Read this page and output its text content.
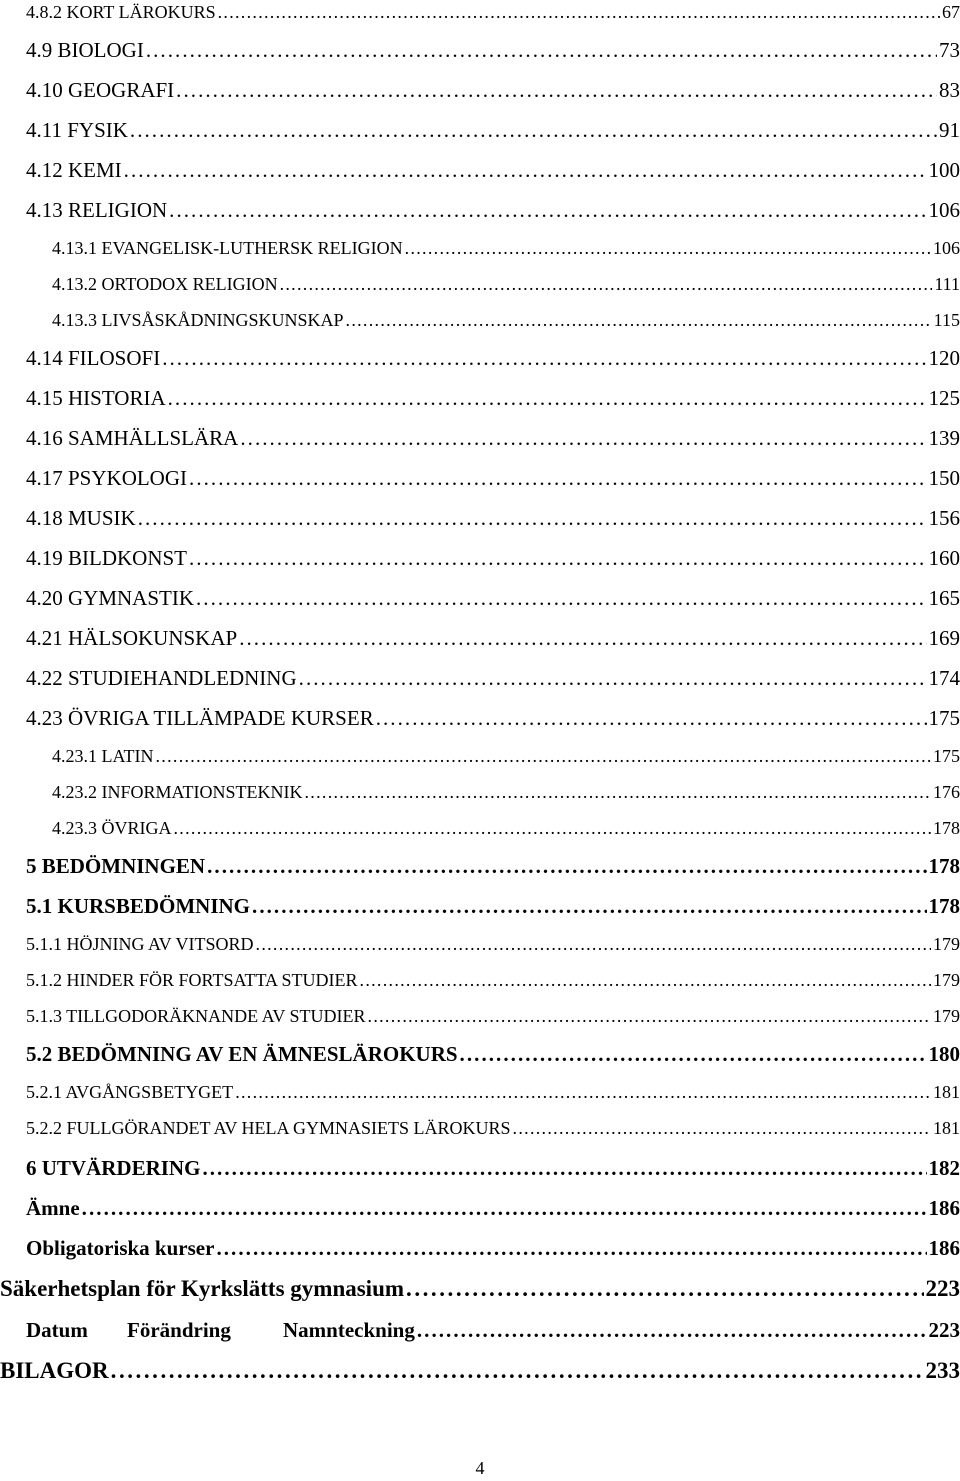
4.8.2 KORT LÄROKURS . . .	67
4.9 BIOLOGI . . .	73
4.10 GEOGRAFI . . .	83
4.11 FYSIK . . .	91
4.12 KEMI . . .	100
4.13 RELIGION . . .	106
4.13.1 EVANGELISK-LUTHERSK RELIGION . . .	106
4.13.2 ORTODOX RELIGION . . .	111
4.13.3 LIVSÅSKÅDNINGSKUNSKAP . . .	115
4.14 FILOSOFI . . .	120
4.15 HISTORIA . . .	125
4.16 SAMHÄLLSLÄRA . . .	139
4.17 PSYKOLOGI . . .	150
4.18 MUSIK . . .	156
4.19 BILDKONST . . .	160
4.20 GYMNASTIK . . .	165
4.21 HÄLSOKUNSKAP . . .	169
4.22 STUDIEHANDLEDNING . . .	174
4.23 ÖVRIGA TILLÄMPADE KURSER . . .	175
4.23.1 LATIN . . .	175
4.23.2 INFORMATIONSTEKNIK . . .	176
4.23.3 ÖVRIGA . . .	178
5 BEDÖMNINGEN . . .	178
5.1 KURSBEDÖMNING . . .	178
5.1.1 HÖJNING AV VITSORD . . .	179
5.1.2 HINDER FÖR FORTSATTA STUDIER . . .	179
5.1.3 TILLGODORÄKNANDE AV STUDIER . . .	179
5.2 BEDÖMNING AV EN ÄMNESLÄROKURS . . .	180
5.2.1 AVGÅNGSBETYGET . . .	181
5.2.2 FULLGÖRANDET AV HELA GYMNASIETS LÄROKURS . . .	181
6 UTVÄRDERING . . .	182
Ämne . . .	186
Obligatoriska kurser . . .	186
Säkerhetsplan för Kyrkslätts gymnasium . . .	223
Datum	Förändring	Namnteckning . . .	223
BILAGOR . . .	233
4
